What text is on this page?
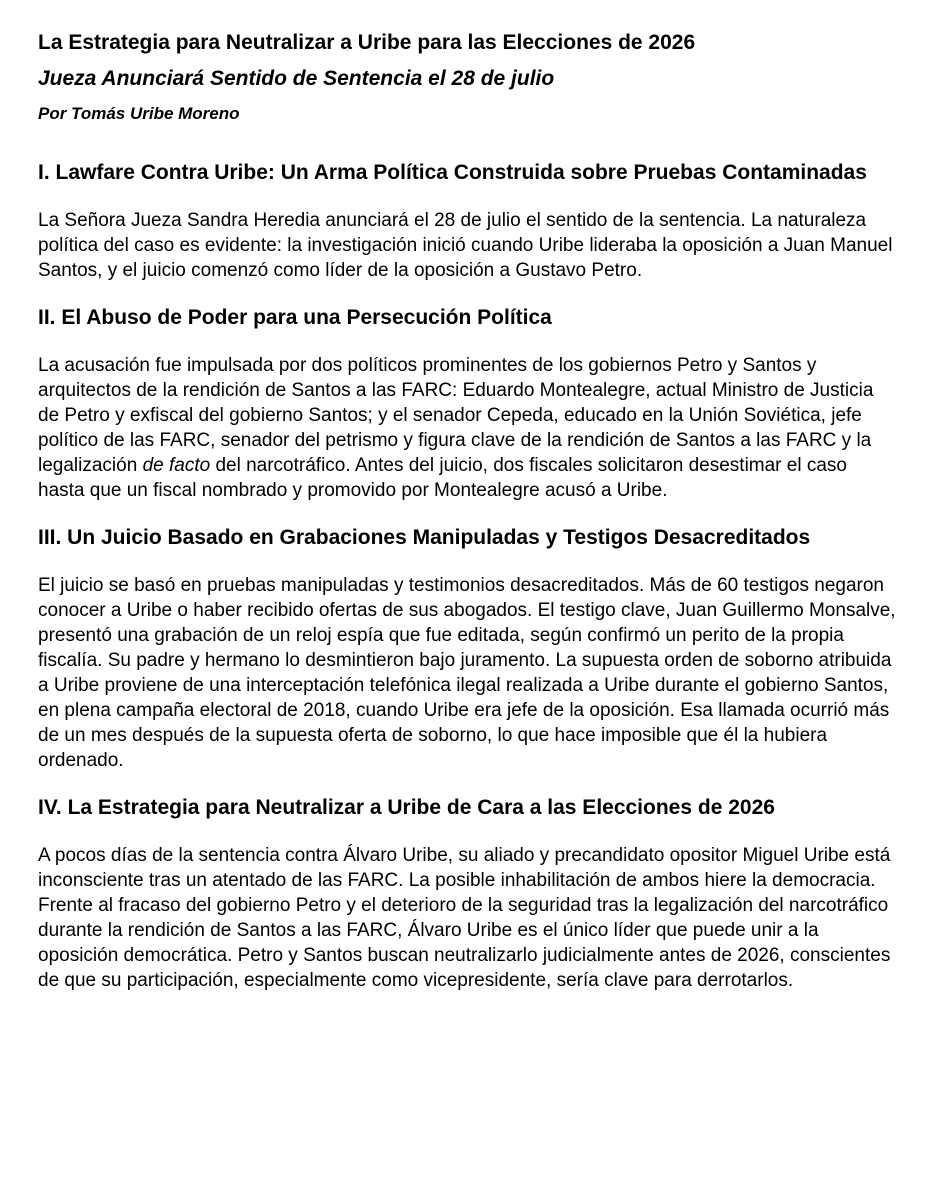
La Estrategia para Neutralizar a Uribe para las Elecciones de 2026
Jueza Anunciará Sentido de Sentencia el 28 de julio

Por Tomás Uribe Moreno

I. Lawfare Contra Uribe: Un Arma Política Construida sobre Pruebas Contaminadas

La Señora Jueza Sandra Heredia anunciará el 28 de julio el sentido de la sentencia. La naturaleza política del caso es evidente: la investigación inició cuando Uribe lideraba la oposición a Juan Manuel Santos, y el juicio comenzó como líder de la oposición a Gustavo Petro.

II. El Abuso de Poder para una Persecución Política

La acusación fue impulsada por dos políticos prominentes de los gobiernos Petro y Santos y arquitectos de la rendición de Santos a las FARC: Eduardo Montealegre, actual Ministro de Justicia de Petro y exfiscal del gobierno Santos; y el senador Cepeda, educado en la Unión Soviética, jefe político de las FARC, senador del petrismo y figura clave de la rendición de Santos a las FARC y la legalización de facto del narcotráfico. Antes del juicio, dos fiscales solicitaron desestimar el caso hasta que un fiscal nombrado y promovido por Montealegre acusó a Uribe.

III. Un Juicio Basado en Grabaciones Manipuladas y Testigos Desacreditados

El juicio se basó en pruebas manipuladas y testimonios desacreditados. Más de 60 testigos negaron conocer a Uribe o haber recibido ofertas de sus abogados. El testigo clave, Juan Guillermo Monsalve, presentó una grabación de un reloj espía que fue editada, según confirmó un perito de la propia fiscalía. Su padre y hermano lo desmintieron bajo juramento. La supuesta orden de soborno atribuida a Uribe proviene de una interceptación telefónica ilegal realizada a Uribe durante el gobierno Santos, en plena campaña electoral de 2018, cuando Uribe era jefe de la oposición. Esa llamada ocurrió más de un mes después de la supuesta oferta de soborno, lo que hace imposible que él la hubiera ordenado.

IV. La Estrategia para Neutralizar a Uribe de Cara a las Elecciones de 2026

A pocos días de la sentencia contra Álvaro Uribe, su aliado y precandidato opositor Miguel Uribe está inconsciente tras un atentado de las FARC. La posible inhabilitación de ambos hiere la democracia. Frente al fracaso del gobierno Petro y el deterioro de la seguridad tras la legalización del narcotráfico durante la rendición de Santos a las FARC, Álvaro Uribe es el único líder que puede unir a la oposición democrática. Petro y Santos buscan neutralizarlo judicialmente antes de 2026, conscientes de que su participación, especialmente como vicepresidente, sería clave para derrotarlos.
